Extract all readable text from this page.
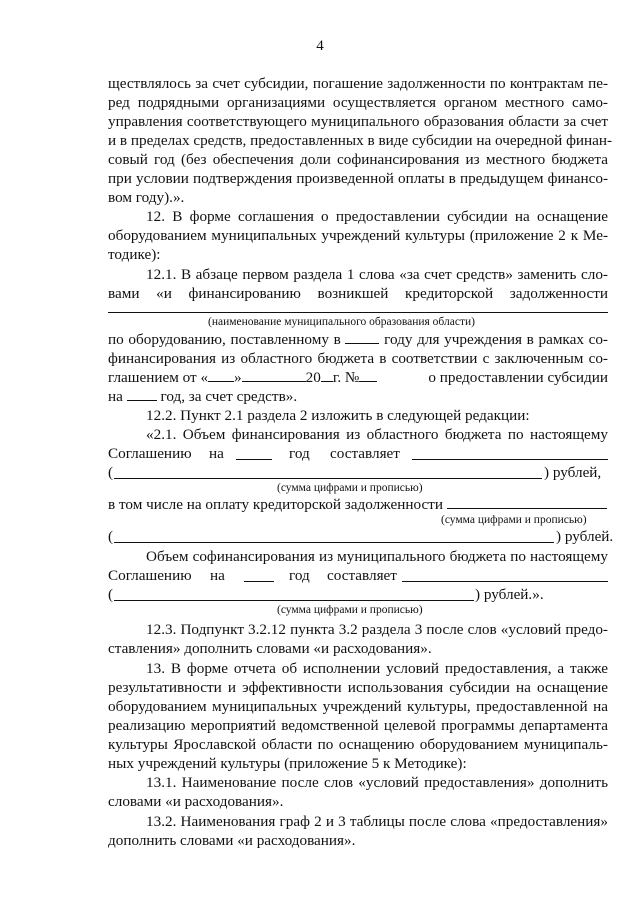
4
ществлялось за счет субсидии, погашение задолженности по контрактам пе-
ред подрядными организациями осуществляется органом местного само-
управления соответствующего муниципального образования области за счет
и в пределах средств, предоставленных в виде субсидии на очередной финан-
совый год (без обеспечения доли софинансирования из местного бюджета
при условии подтверждения произведенной оплаты в предыдущем финансо-
вом году).».
12. В форме соглашения о предоставлении субсидии на оснащение
оборудованием муниципальных учреждений культуры (приложение 2 к Ме-
тодике):
12.1. В абзаце первом раздела 1 слова «за счет средств» заменить сло-
вами «и финансированию возникшей кредиторской задолженности
(наименование муниципального образования области)
по оборудованию, поставленному в	году для учреждения в рамках со-
финансирования из областного бюджета в соответствии с заключенным со-
глашением от « »	20 г. №	о предоставлении субсидии
на год, за счет средств».
12.2. Пункт 2.1 раздела 2 изложить в следующей редакции:
«2.1. Объем финансирования из областного бюджета по настоящему
Соглашению на	год составляет
(	) рублей,
(сумма цифрами и прописью)
в том числе на оплату кредиторской задолженности
(сумма цифрами и прописью)
(	) рублей.
Объем софинансирования из муниципального бюджета по настоящему
Соглашению на	год составляет
(	) рублей.».
(сумма цифрами и прописью)
12.3. Подпункт 3.2.12 пункта 3.2 раздела 3 после слов «условий предо-
ставления» дополнить словами «и расходования».
13. В форме отчета об исполнении условий предоставления, а также
результативности и эффективности использования субсидии на оснащение
оборудованием муниципальных учреждений культуры, предоставленной на
реализацию мероприятий ведомственной целевой программы департамента
культуры Ярославской области по оснащению оборудованием муниципаль-
ных учреждений культуры (приложение 5 к Методике):
13.1. Наименование после слов «условий предоставления» дополнить
словами «и расходования».
13.2. Наименования граф 2 и 3 таблицы после слова «предоставления»
дополнить словами «и расходования».
